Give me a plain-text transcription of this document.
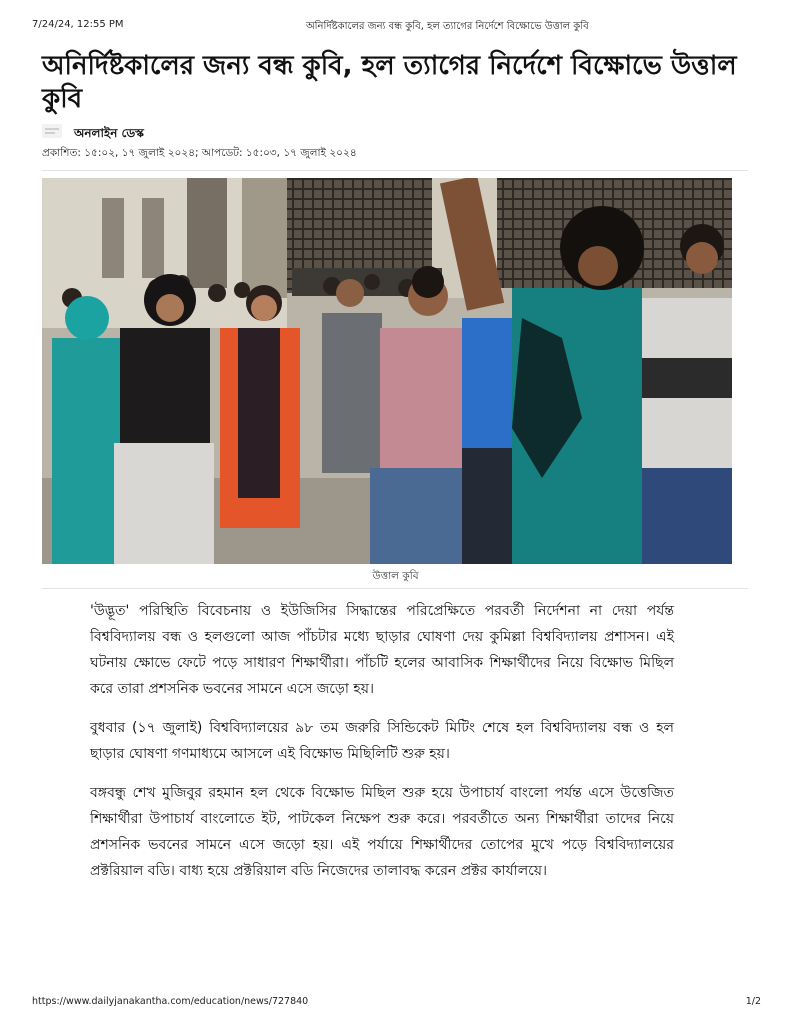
7/24/24, 12:55 PM	অনির্দিষ্টকালের জন্য বন্ধ কুবি, হল ত্যাগের নির্দেশে বিক্ষোভে উত্তাল কুবি
অনির্দিষ্টকালের জন্য বন্ধ কুবি, হল ত্যাগের নির্দেশে বিক্ষোভে উত্তাল কুবি
অনলাইন ডেস্ক
প্রকাশিত: ১৫:০২, ১৭ জুলাই ২০২৪; আপডেট: ১৫:০৩, ১৭ জুলাই ২০২৪
উত্তাল কুবি

'উদ্ভূত' পরিস্থিতি বিবেচনায় ও ইউজিসির সিদ্ধান্তের পরিপ্রেক্ষিতে পরবর্তী নির্দেশনা না দেয়া পর্যন্ত বিশ্ববিদ্যালয় বন্ধ ও হলগুলো আজ পাঁচটার মধ্যে ছাড়ার ঘোষণা দেয় কুমিল্লা বিশ্ববিদ্যালয় প্রশাসন। এই ঘটনায় ক্ষোভে ফেটে পড়ে সাধারণ শিক্ষার্থীরা। পাঁচটি হলের আবাসিক শিক্ষার্থীদের নিয়ে বিক্ষোভ মিছিল করে তারা প্রশসনিক ভবনের সামনে এসে জড়ো হয়।

বুধবার (১৭ জুলাই) বিশ্ববিদ্যালয়ের ৯৮ তম জরুরি সিন্ডিকেট মিটিং শেষে হল বিশ্ববিদ্যালয় বন্ধ ও হল ছাড়ার ঘোষণা গণমাধ্যমে আসলে এই বিক্ষোভ মিছিলিটি শুরু হয়।

বঙ্গবন্ধু শেখ মুজিবুর রহমান হল থেকে বিক্ষোভ মিছিল শুরু হয়ে উপাচার্য বাংলো পর্যন্ত এসে উত্তেজিত শিক্ষার্থীরা উপাচার্য বাংলোতে ইট, পাটকেল নিক্ষেপ শুরু করে। পরবর্তীতে অন্য শিক্ষার্থীরা তাদের নিয়ে প্রশসনিক ভবনের সামনে এসে জড়ো হয়। এই পর্যায়ে শিক্ষার্থীদের তোপের মুখে পড়ে বিশ্ববিদ্যালয়ের প্রক্টরিয়াল বডি। বাধ্য হয়ে প্রক্টরিয়াল বডি নিজেদের তালাবদ্ধ করেন প্রক্টর কার্যালয়ে।

https://www.dailyjanakantha.com/education/news/727840	1/2
